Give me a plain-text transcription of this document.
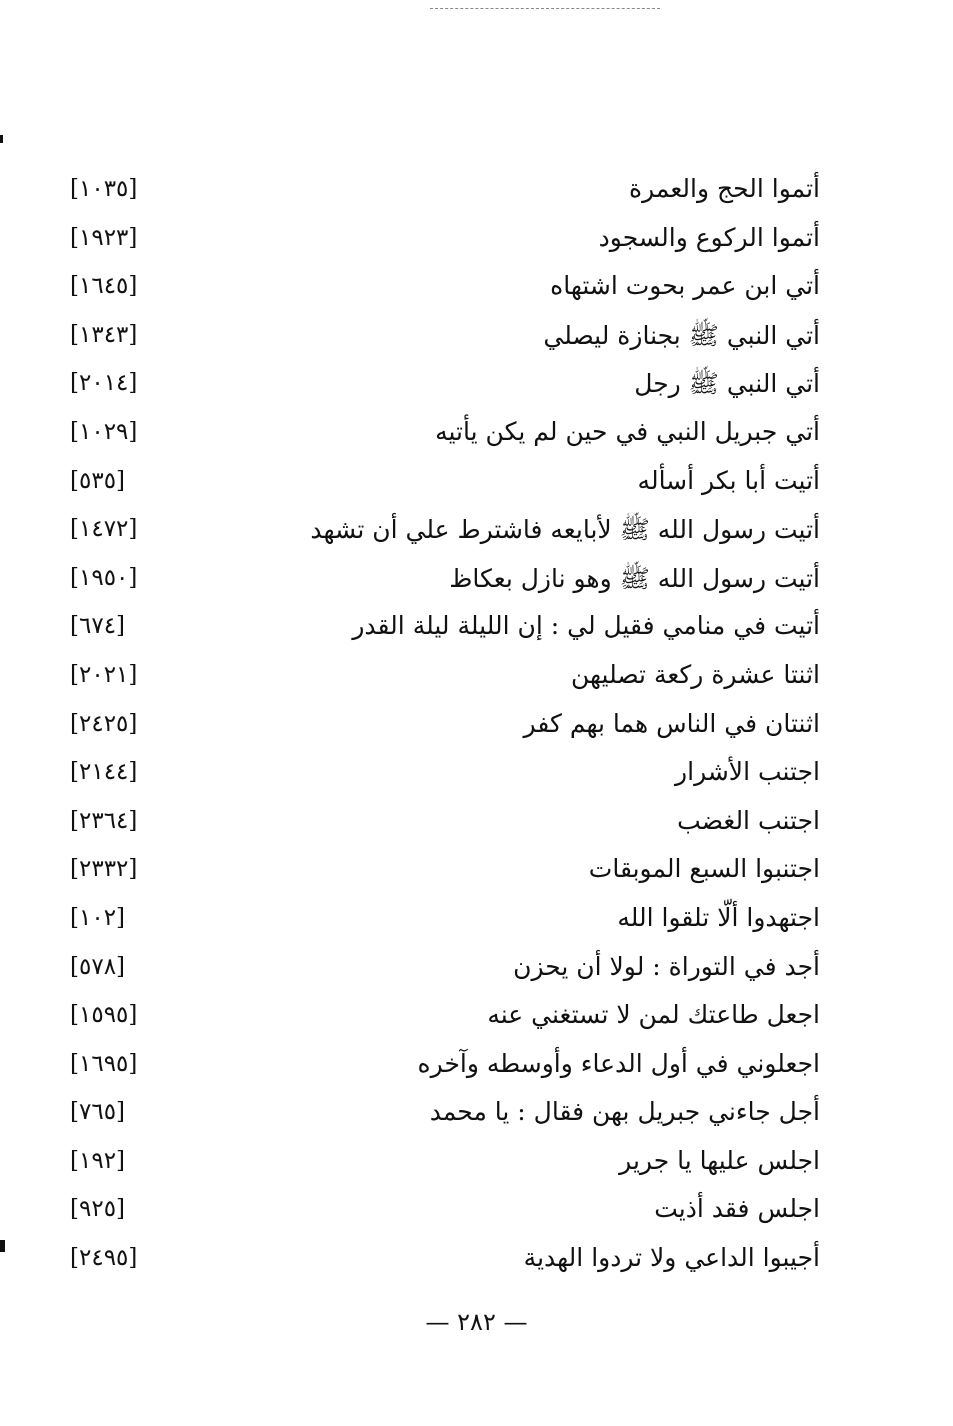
أتموا الحج والعمرة
[١٠٣٥]
أتموا الركوع والسجود
[١٩٢٣]
أتي ابن عمر بحوت اشتهاه
[١٦٤٥]
أتي النبي ﷺ بجنازة ليصلي
[١٣٤٣]
أتي النبي ﷺ رجل
[٢٠١٤]
أتي جبريل النبي في حين لم يكن يأتيه
[١٠٢٩]
أتيت أبا بكر أسأله
[٥٣٥]
أتيت رسول الله ﷺ لأبايعه فاشترط علي أن تشهد
[١٤٧٢]
أتيت رسول الله ﷺ وهو نازل بعكاظ
[١٩٥٠]
أتيت في منامي فقيل لي : إن الليلة ليلة القدر
[٦٧٤]
اثنتا عشرة ركعة تصليهن
[٢٠٢١]
اثنتان في الناس هما بهم كفر
[٢٤٢٥]
اجتنب الأشرار
[٢١٤٤]
اجتنب الغضب
[٢٣٦٤]
اجتنبوا السبع الموبقات
[٢٣٣٢]
اجتهدوا ألّا تلقوا الله
[١٠٢]
أجد في التوراة : لولا أن يحزن
[٥٧٨]
اجعل طاعتك لمن لا تستغني عنه
[١٥٩٥]
اجعلوني في أول الدعاء وأوسطه وآخره
[١٦٩٥]
أجل جاءني جبريل بهن فقال : يا محمد
[٧٦٥]
اجلس عليها يا جرير
[١٩٢]
اجلس فقد أذيت
[٩٢٥]
أجيبوا الداعي ولا تردوا الهدية
[٢٤٩٥]
— ٢٨٢ —
